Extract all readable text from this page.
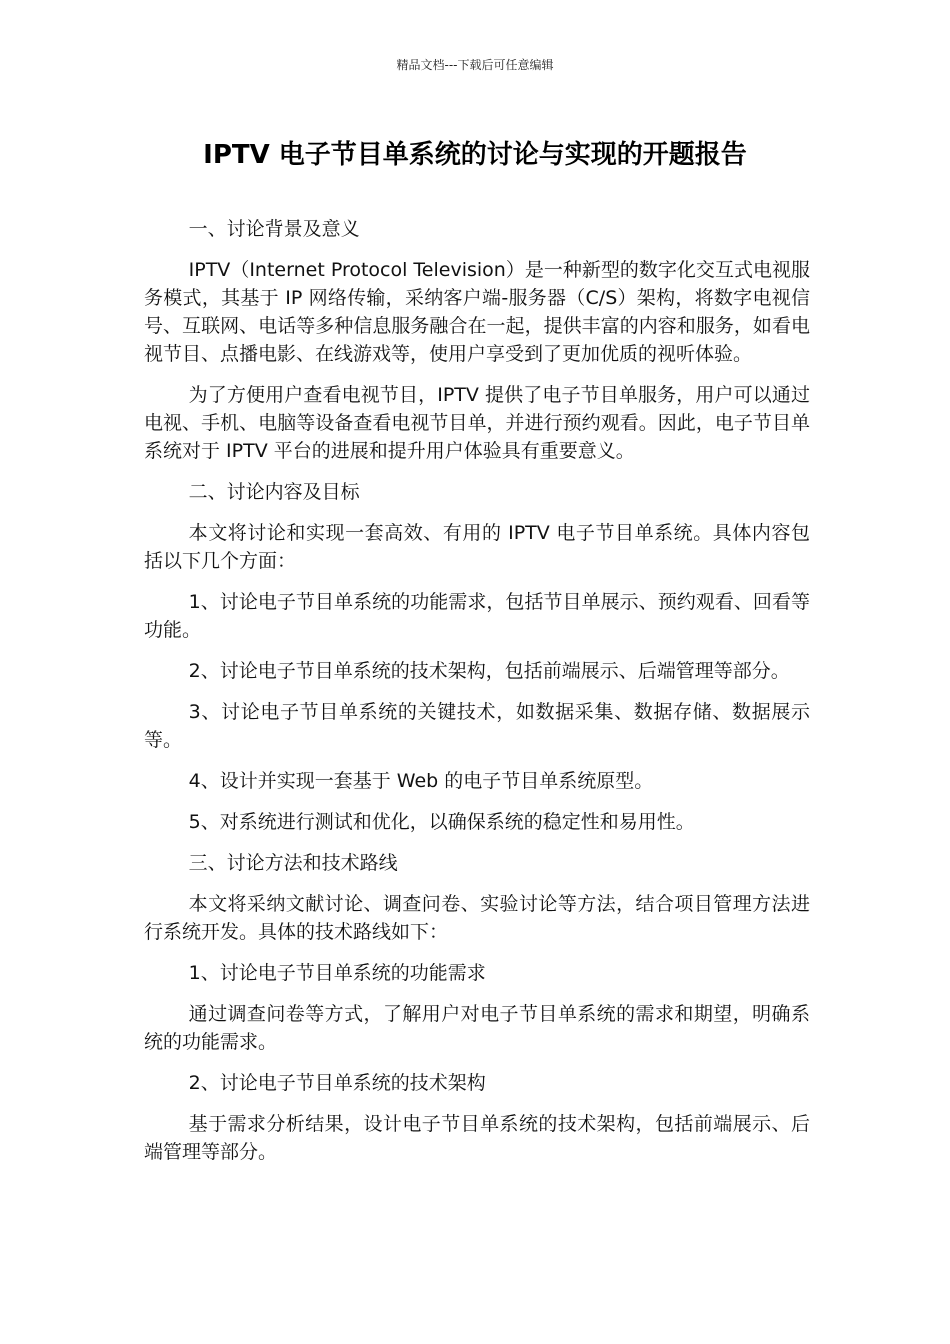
精品文档---下载后可任意编辑
IPTV 电子节目单系统的讨论与实现的开题报告

一、讨论背景及意义

IPTV（Internet Protocol Television）是一种新型的数字化交互式电视服务模式，其基于 IP 网络传输，采纳客户端-服务器（C/S）架构，将数字电视信号、互联网、电话等多种信息服务融合在一起，提供丰富的内容和服务，如看电视节目、点播电影、在线游戏等，使用户享受到了更加优质的视听体验。

为了方便用户查看电视节目，IPTV 提供了电子节目单服务，用户可以通过电视、手机、电脑等设备查看电视节目单，并进行预约观看。因此，电子节目单系统对于 IPTV 平台的进展和提升用户体验具有重要意义。

二、讨论内容及目标

本文将讨论和实现一套高效、有用的 IPTV 电子节目单系统。具体内容包括以下几个方面：

1、讨论电子节目单系统的功能需求，包括节目单展示、预约观看、回看等功能。

2、讨论电子节目单系统的技术架构，包括前端展示、后端管理等部分。

3、讨论电子节目单系统的关键技术，如数据采集、数据存储、数据展示等。

4、设计并实现一套基于 Web 的电子节目单系统原型。

5、对系统进行测试和优化，以确保系统的稳定性和易用性。

三、讨论方法和技术路线

本文将采纳文献讨论、调查问卷、实验讨论等方法，结合项目管理方法进行系统开发。具体的技术路线如下：

1、讨论电子节目单系统的功能需求

通过调查问卷等方式，了解用户对电子节目单系统的需求和期望，明确系统的功能需求。

2、讨论电子节目单系统的技术架构

基于需求分析结果，设计电子节目单系统的技术架构，包括前端展示、后端管理等部分。
